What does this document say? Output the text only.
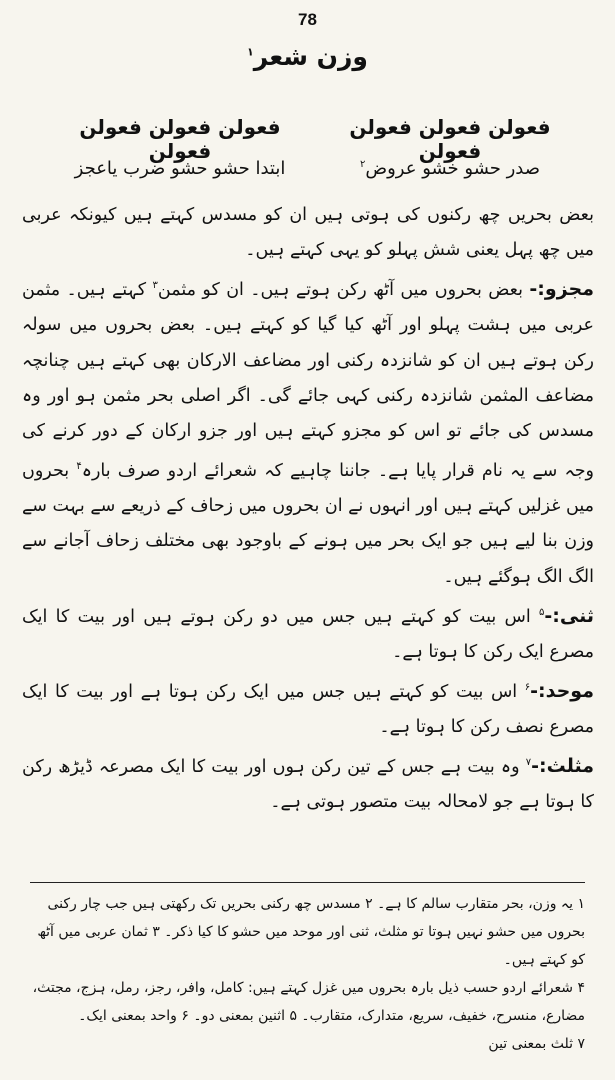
78
وزن شعر$^۱$
فعولن فعولن فعولن فعولنفعولن فعولن فعولن فعولن
صدر حشو خشو عروض$^۲$ابتدا حشو حشو ضرب یاعجز

بعض بحریں چھ رکنوں کی ہوتی ہیں ان کو مسدس کہتے ہیں کیونکہ عربی میں چھ پہل یعنی شش پہلو کو یہی کہتے ہیں۔

مجزو:- بعض بحروں میں آٹھ رکن ہوتے ہیں۔ ان کو مثمن$^۳$ کہتے ہیں۔ مثمن عربی میں ہشت پہلو اور آٹھ کیا گیا کو کہتے ہیں۔ بعض بحروں میں سولہ رکن ہوتے ہیں ان کو شانزدہ رکنی اور مضاعف الارکان بھی کہتے ہیں چنانچہ مضاعف المثمن شانزدہ رکنی کہی جائے گی۔ اگر اصلی بحر مثمن ہو اور وہ مسدس کی جائے تو اس کو مجزو کہتے ہیں اور جزو ارکان کے دور کرنے کی وجہ سے یہ نام قرار پایا ہے۔ جاننا چاہیے کہ شعرائے اردو صرف بارہ$^۴$ بحروں میں غزلیں کہتے ہیں اور انہوں نے ان بحروں میں زحاف کے ذریعے سے بہت سے وزن بنا لیے ہیں جو ایک بحر میں ہونے کے باوجود بھی مختلف زحاف آجانے سے الگ الگ ہوگئے ہیں۔

ثنی:-$^۵$ اس بیت کو کہتے ہیں جس میں دو رکن ہوتے ہیں اور بیت کا ایک مصرع ایک رکن کا ہوتا ہے۔

موحد:-$^۶$ اس بیت کو کہتے ہیں جس میں ایک رکن ہوتا ہے اور بیت کا ایک مصرع نصف رکن کا ہوتا ہے۔

مثلث:-$^۷$ وہ بیت ہے جس کے تین رکن ہوں اور بیت کا ایک مصرعہ ڈیڑھ رکن کا ہوتا ہے جو لامحالہ بیت متصور ہوتی ہے۔

۱ یہ وزن، بحر متقارب سالم کا ہے۔ ۲ مسدس چھ رکنی بحریں تک رکھتی ہیں جب چار رکنی بحروں میں حشو نہیں ہوتا تو مثلث، ثنی اور موحد میں حشو کا کیا ذکر۔ ۳ ثمان عربی میں آٹھ کو کہتے ہیں۔

۴ شعرائے اردو حسب ذیل بارہ بحروں میں غزل کہتے ہیں: کامل، وافر، رجز، رمل، ہزج، مجتث، مضارع، منسرح، خفیف، سریع، متدارک، متقارب۔ ۵ اثنین بمعنی دو۔ ۶ واحد بمعنی ایک۔

۷ ثلث بمعنی تین
